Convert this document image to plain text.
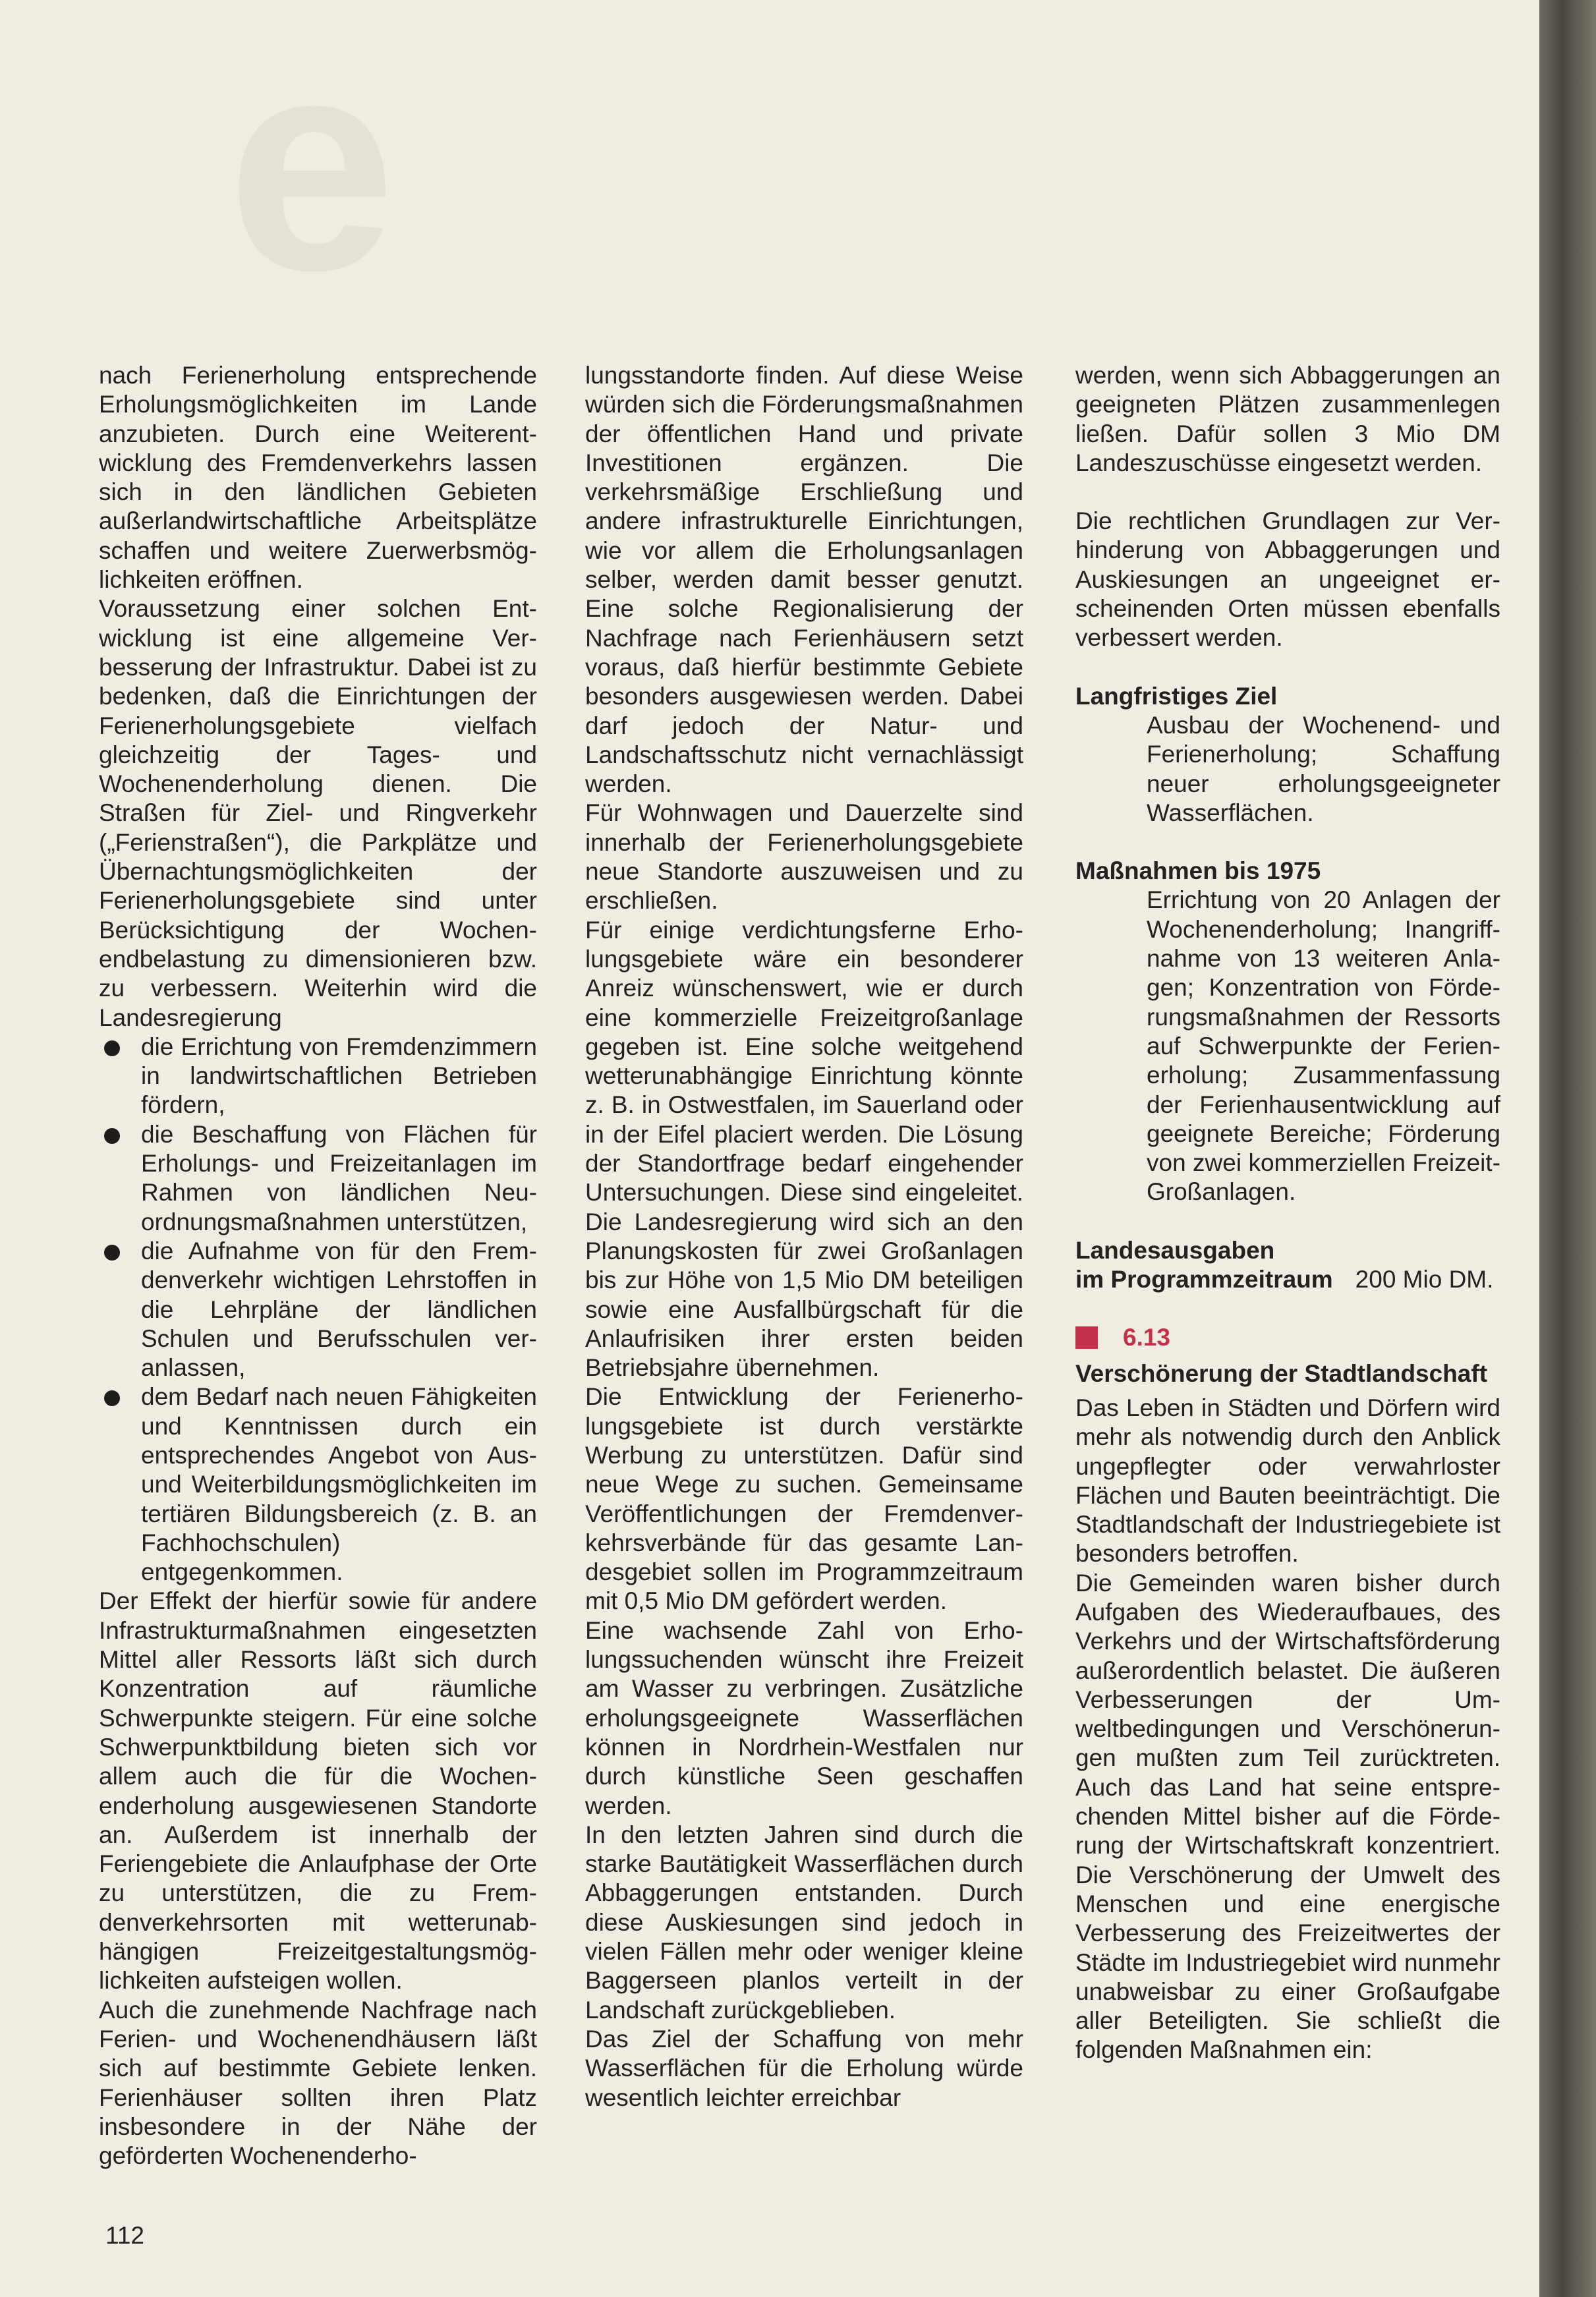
e

nach Ferienerholung entsprechende Erholungsmöglichkeiten im Lande anzubieten. Durch eine Weiterentwicklung des Fremdenverkehrs lassen sich in den ländlichen Gebieten außerlandwirtschaftliche Arbeitsplätze schaffen und weitere Zuerwerbsmöglichkeiten eröffnen.

Voraussetzung einer solchen Entwicklung ist eine allgemeine Verbesserung der Infrastruktur. Dabei ist zu bedenken, daß die Einrichtungen der Ferienerholungsgebiete vielfach gleichzeitig der Tages- und Wochenenderholung dienen. Die Straßen für Ziel- und Ringverkehr („Ferienstraßen“), die Parkplätze und Übernachtungsmöglichkeiten der Ferienerholungsgebiete sind unter Berücksichtigung der Wochenendbelastung zu dimensionieren bzw. zu verbessern. Weiterhin wird die Landesregierung

die Errichtung von Fremdenzimmern in landwirtschaftlichen Betrieben fördern,
die Beschaffung von Flächen für Erholungs- und Freizeitanlagen im Rahmen von ländlichen Neuordnungsmaßnahmen unterstützen,
die Aufnahme von für den Fremdenverkehr wichtigen Lehrstoffen in die Lehrpläne der ländlichen Schulen und Berufsschulen veranlassen,
dem Bedarf nach neuen Fähigkeiten und Kenntnissen durch ein entsprechendes Angebot von Aus- und Weiterbildungsmöglichkeiten im tertiären Bildungsbereich (z. B. an Fachhochschulen) entgegenkommen.

Der Effekt der hierfür sowie für andere Infrastrukturmaßnahmen eingesetzten Mittel aller Ressorts läßt sich durch Konzentration auf räumliche Schwerpunkte steigern. Für eine solche Schwerpunktbildung bieten sich vor allem auch die für die Wochenenderholung ausgewiesenen Standorte an. Außerdem ist innerhalb der Feriengebiete die Anlaufphase der Orte zu unterstützen, die zu Fremdenverkehrsorten mit wetterunabhängigen Freizeitgestaltungsmöglichkeiten aufsteigen wollen.

Auch die zunehmende Nachfrage nach Ferien- und Wochenendhäusern läßt sich auf bestimmte Gebiete lenken. Ferienhäuser sollten ihren Platz insbesondere in der Nähe der geförderten Wochenenderho-

lungsstandorte finden. Auf diese Weise würden sich die Förderungsmaßnahmen der öffentlichen Hand und private Investitionen ergänzen. Die verkehrsmäßige Erschließung und andere infrastrukturelle Einrichtungen, wie vor allem die Erholungsanlagen selber, werden damit besser genutzt. Eine solche Regionalisierung der Nachfrage nach Ferienhäusern setzt voraus, daß hierfür bestimmte Gebiete besonders ausgewiesen werden. Dabei darf jedoch der Natur- und Landschaftsschutz nicht vernachlässigt werden.

Für Wohnwagen und Dauerzelte sind innerhalb der Ferienerholungsgebiete neue Standorte auszuweisen und zu erschließen.

Für einige verdichtungsferne Erholungsgebiete wäre ein besonderer Anreiz wünschenswert, wie er durch eine kommerzielle Freizeitgroßanlage gegeben ist. Eine solche weitgehend wetterunabhängige Einrichtung könnte z. B. in Ostwestfalen, im Sauerland oder in der Eifel placiert werden. Die Lösung der Standortfrage bedarf eingehender Untersuchungen. Diese sind eingeleitet. Die Landesregierung wird sich an den Planungskosten für zwei Großanlagen bis zur Höhe von 1,5 Mio DM beteiligen sowie eine Ausfallbürgschaft für die Anlaufrisiken ihrer ersten beiden Betriebsjahre übernehmen.

Die Entwicklung der Ferienerholungsgebiete ist durch verstärkte Werbung zu unterstützen. Dafür sind neue Wege zu suchen. Gemeinsame Veröffentlichungen der Fremdenverkehrsverbände für das gesamte Landesgebiet sollen im Programmzeitraum mit 0,5 Mio DM gefördert werden.

Eine wachsende Zahl von Erholungssuchenden wünscht ihre Freizeit am Wasser zu verbringen. Zusätzliche erholungsgeeignete Wasserflächen können in Nordrhein-Westfalen nur durch künstliche Seen geschaffen werden.

In den letzten Jahren sind durch die starke Bautätigkeit Wasserflächen durch Abbaggerungen entstanden. Durch diese Auskiesungen sind jedoch in vielen Fällen mehr oder weniger kleine Baggerseen planlos verteilt in der Landschaft zurückgeblieben.

Das Ziel der Schaffung von mehr Wasserflächen für die Erholung würde wesentlich leichter erreichbar

werden, wenn sich Abbaggerungen an geeigneten Plätzen zusammenlegen ließen. Dafür sollen 3 Mio DM Landeszuschüsse eingesetzt werden.

Die rechtlichen Grundlagen zur Verhinderung von Abbaggerungen und Auskiesungen an ungeeignet erscheinenden Orten müssen ebenfalls verbessert werden.

Langfristiges Ziel

Ausbau der Wochenend- und Ferienerholung; Schaffung neuer erholungsgeeigneter Wasserflächen.

Maßnahmen bis 1975

Errichtung von 20 Anlagen der Wochenenderholung; Inangriffnahme von 13 weiteren Anlagen; Konzentration von Förderungsmaßnahmen der Ressorts auf Schwerpunkte der Ferienerholung; Zusammenfassung der Ferienhausentwicklung auf geeignete Bereiche; Förderung von zwei kommerziellen Freizeit-Großanlagen.

Landesausgaben

im Programmzeitraum 200 Mio DM.
6.13

Verschönerung der Stadtlandschaft

Das Leben in Städten und Dörfern wird mehr als notwendig durch den Anblick ungepflegter oder verwahrloster Flächen und Bauten beeinträchtigt. Die Stadtlandschaft der Industriegebiete ist besonders betroffen.

Die Gemeinden waren bisher durch Aufgaben des Wiederaufbaues, des Verkehrs und der Wirtschaftsförderung außerordentlich belastet. Die äußeren Verbesserungen der Umweltbedingungen und Verschönerungen mußten zum Teil zurücktreten. Auch das Land hat seine entsprechenden Mittel bisher auf die Förderung der Wirtschaftskraft konzentriert. Die Verschönerung der Umwelt des Menschen und eine energische Verbesserung des Freizeitwertes der Städte im Industriegebiet wird nunmehr unabweisbar zu einer Großaufgabe aller Beteiligten. Sie schließt die folgenden Maßnahmen ein:

112
